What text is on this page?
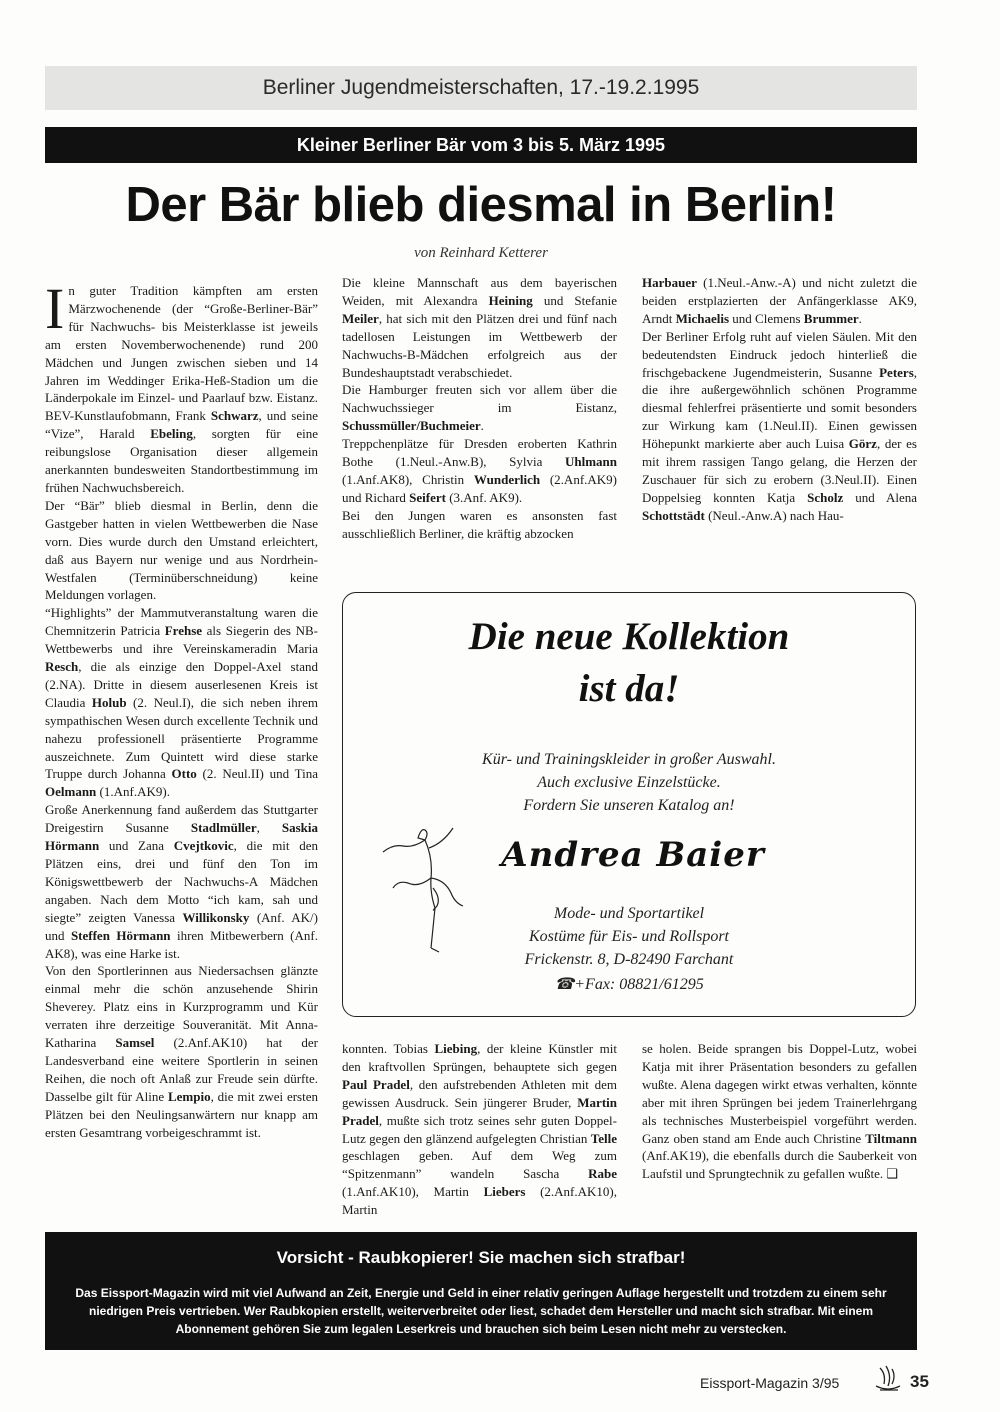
Berliner Jugendmeisterschaften, 17.-19.2.1995
Kleiner Berliner Bär vom 3 bis 5. März 1995
Der Bär blieb diesmal in Berlin!
von Reinhard Ketterer

In guter Tradition kämpften am ersten Märzwochenende (der “Große-Berliner-Bär” für Nachwuchs- bis Meisterklasse ist jeweils am ersten Novemberwochenende) rund 200 Mädchen und Jungen zwischen sieben und 14 Jahren im Weddinger Erika-Heß-Stadion um die Länderpokale im Einzel- und Paarlauf bzw. Eistanz. BEV-Kunstlaufobmann, Frank Schwarz, und seine “Vize”, Harald Ebeling, sorgten für eine reibungslose Organisation dieser allgemein anerkannten bundesweiten Standortbestimmung im frühen Nachwuchsbereich.

Der “Bär” blieb diesmal in Berlin, denn die Gastgeber hatten in vielen Wettbewerben die Nase vorn. Dies wurde durch den Umstand erleichtert, daß aus Bayern nur wenige und aus Nordrhein-Westfalen (Terminüberschneidung) keine Meldungen vorlagen.

“Highlights” der Mammutveranstaltung waren die Chemnitzerin Patricia Frehse als Siegerin des NB-Wettbewerbs und ihre Vereinskameradin Maria Resch, die als einzige den Doppel-Axel stand (2.NA). Dritte in diesem auserlesenen Kreis ist Claudia Holub (2. Neul.I), die sich neben ihrem sympathischen Wesen durch excellente Technik und nahezu professionell präsentierte Programme auszeichnete. Zum Quintett wird diese starke Truppe durch Johanna Otto (2. Neul.II) und Tina Oelmann (1.Anf.AK9).

Große Anerkennung fand außerdem das Stuttgarter Dreigestirn Susanne Stadlmüller, Saskia Hörmann und Zana Cvejtkovic, die mit den Plätzen eins, drei und fünf den Ton im Königswettbewerb der Nachwuchs-A Mädchen angaben. Nach dem Motto “ich kam, sah und siegte” zeigten Vanessa Willikonsky (Anf. AK/) und Steffen Hörmann ihren Mitbewerbern (Anf. AK8), was eine Harke ist.

Von den Sportlerinnen aus Niedersachsen glänzte einmal mehr die schön anzusehende Shirin Sheverey. Platz eins in Kurzprogramm und Kür verraten ihre derzeitige Souveranität. Mit Anna-Katharina Samsel (2.Anf.AK10) hat der Landesverband eine weitere Sportlerin in seinen Reihen, die noch oft Anlaß zur Freude sein dürfte. Dasselbe gilt für Aline Lempio, die mit zwei ersten Plätzen bei den Neulingsanwärtern nur knapp am ersten Gesamtrang vorbeigeschrammt ist.

Die kleine Mannschaft aus dem bayerischen Weiden, mit Alexandra Heining und Stefanie Meiler, hat sich mit den Plätzen drei und fünf nach tadellosen Leistungen im Wettbewerb der Nachwuchs-B-Mädchen erfolgreich aus der Bundeshauptstadt verabschiedet.

Die Hamburger freuten sich vor allem über die Nachwuchssieger im Eistanz, Schussmüller/Buchmeier.

Treppchenplätze für Dresden eroberten Kathrin Bothe (1.Neul.-Anw.B), Sylvia Uhlmann (1.Anf.AK8), Christin Wunderlich (2.Anf.AK9) und Richard Seifert (3.Anf. AK9).

Bei den Jungen waren es ansonsten fast ausschließlich Berliner, die kräftig abzocken

Harbauer (1.Neul.-Anw.-A) und nicht zuletzt die beiden erstplazierten der Anfängerklasse AK9, Arndt Michaelis und Clemens Brummer.

Der Berliner Erfolg ruht auf vielen Säulen. Mit den bedeutendsten Eindruck jedoch hinterließ die frischgebackene Jugendmeisterin, Susanne Peters, die ihre außergewöhnlich schönen Programme diesmal fehlerfrei präsentierte und somit besonders zur Wirkung kam (1.Neul.II). Einen gewissen Höhepunkt markierte aber auch Luisa Görz, der es mit ihrem rassigen Tango gelang, die Herzen der Zuschauer für sich zu erobern (3.Neul.II). Einen Doppelsieg konnten Katja Scholz und Alena Schottstädt (Neul.-Anw.A) nach Hau-

Die neue Kollektion
ist da!
Kür- und Trainingskleider in großer Auswahl.
Auch exclusive Einzelstücke.
Fordern Sie unseren Katalog an!
Andrea Baier
Mode- und Sportartikel
Kostüme für Eis- und Rollsport
Frickenstr. 8, D-82490 Farchant
☎+Fax: 08821/61295

konnten. Tobias Liebing, der kleine Künstler mit den kraftvollen Sprüngen, behauptete sich gegen Paul Pradel, den aufstrebenden Athleten mit dem gewissen Ausdruck. Sein jüngerer Bruder, Martin Pradel, mußte sich trotz seines sehr guten Doppel-Lutz gegen den glänzend aufgelegten Christian Telle geschlagen geben. Auf dem Weg zum “Spitzenmann” wandeln Sascha Rabe (1.Anf.AK10), Martin Liebers (2.Anf.AK10), Martin

se holen. Beide sprangen bis Doppel-Lutz, wobei Katja mit ihrer Präsentation besonders zu gefallen wußte. Alena dagegen wirkt etwas verhalten, könnte aber mit ihren Sprüngen bei jedem Trainerlehrgang als technisches Musterbeispiel vorgeführt werden. Ganz oben stand am Ende auch Christine Tiltmann (Anf.AK19), die ebenfalls durch die Sauberkeit von Laufstil und Sprungtechnik zu gefallen wußte. ❑

Vorsicht - Raubkopierer! Sie machen sich strafbar!
Das Eissport-Magazin wird mit viel Aufwand an Zeit, Energie und Geld in einer relativ geringen Auflage hergestellt und trotzdem zu einem sehr niedrigen Preis vertrieben. Wer Raubkopien erstellt, weiterverbreitet oder liest, schadet dem Hersteller und macht sich strafbar. Mit einem Abonnement gehören Sie zum legalen Leserkreis und brauchen sich beim Lesen nicht mehr zu verstecken.
Eissport-Magazin 3/95	35
